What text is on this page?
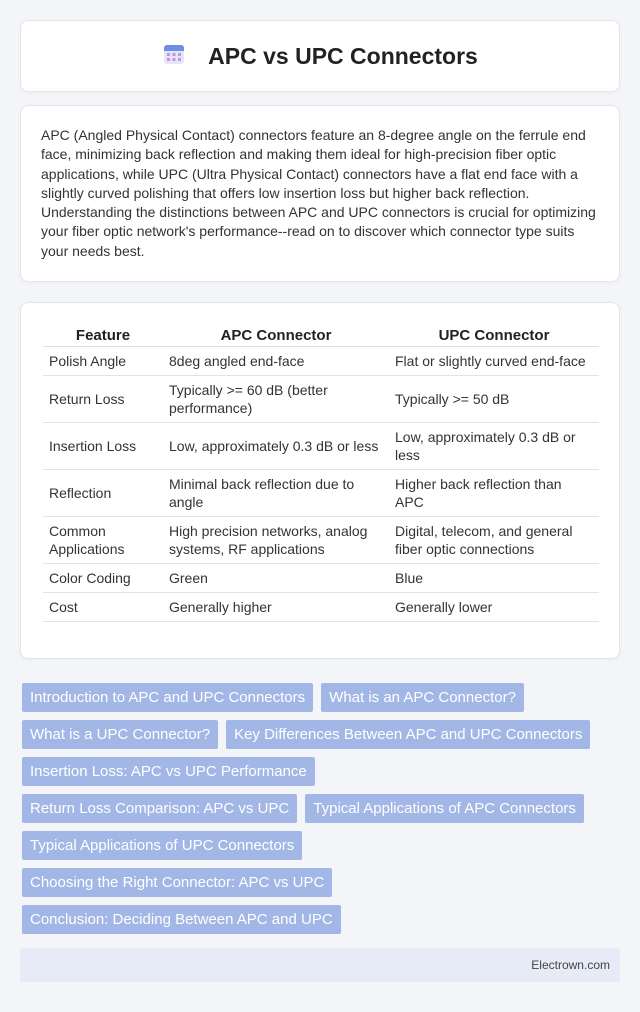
APC vs UPC Connectors

APC (Angled Physical Contact) connectors feature an 8-degree angle on the ferrule end face, minimizing back reflection and making them ideal for high-precision fiber optic applications, while UPC (Ultra Physical Contact) connectors have a flat end face with a slightly curved polishing that offers low insertion loss but higher back reflection. Understanding the distinctions between APC and UPC connectors is crucial for optimizing your fiber optic network's performance--read on to discover which connector type suits your needs best.

Feature	APC Connector	UPC Connector
Polish Angle	8deg angled end-face	Flat or slightly curved end-face
Return Loss	Typically >= 60 dB (better performance)	Typically >= 50 dB
Insertion Loss	Low, approximately 0.3 dB or less	Low, approximately 0.3 dB or less
Reflection	Minimal back reflection due to angle	Higher back reflection than APC
Common Applications	High precision networks, analog systems, RF applications	Digital, telecom, and general fiber optic connections
Color Coding	Green	Blue
Cost	Generally higher	Generally lower
Introduction to APC and UPC Connectors	What is an APC Connector?
What is a UPC Connector?	Key Differences Between APC and UPC Connectors
Insertion Loss: APC vs UPC Performance
Return Loss Comparison: APC vs UPC	Typical Applications of APC Connectors
Typical Applications of UPC Connectors
Choosing the Right Connector: APC vs UPC
Conclusion: Deciding Between APC and UPC
Electrown.com
